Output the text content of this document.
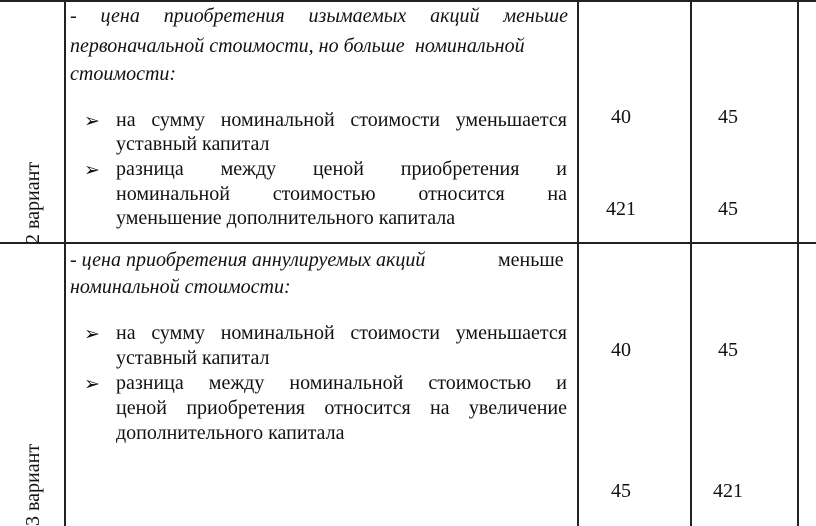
2 вариант
- цена приобретения изымаемых акций меньше
первоначальной стоимости, но больше номинальной
стоимости:
➢ на сумму номинальной стоимости уменьшается
уставный капитал
➢ разница между ценой приобретения и
номинальной стоимостью относится на
уменьшение дополнительного капитала
40
421
45
45
3 вариант
- цена приобретения аннулируемых акций	меньше
номинальной стоимости:
➢ на сумму номинальной стоимости уменьшается
уставный капитал
➢ разница между номинальной стоимостью и
ценой приобретения относится на увеличение
дополнительного капитала
40
45
45
421
